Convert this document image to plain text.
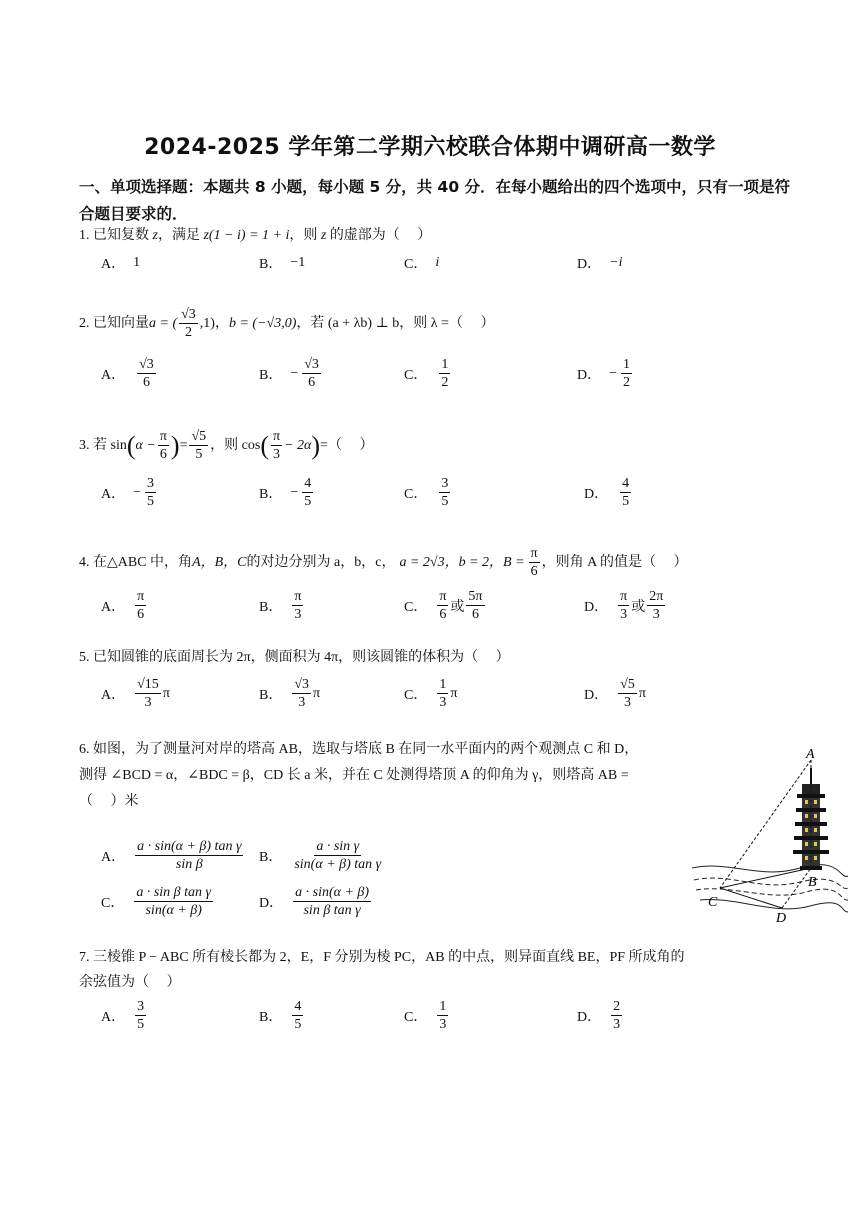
2024-2025 学年第二学期六校联合体期中调研高一数学
一、单项选择题：本题共 8 小题，每小题 5 分，共 40 分．在每小题给出的四个选项中，只有一项是符合题目要求的．
1. 已知复数 z，满足 z(1 − i) = 1 + i，则 z 的虚部为（　 ）
A． 1	B． −1	C． i	D． −i
2. 已知向量 a = ( $\frac{√3}{2} ,1$) ， b = (−√3,0) ，若 (a + λb) ⊥ b，则 λ =（　 ）
A． $\frac{√3}{6}$	B． − $\frac{√3}{6}$	C． $\frac{1}{2}$	D． − $\frac{1}{2}$
3. 若 sin ( $\alpha - \frac{\pi}{6}$ ) = $\frac{√5}{5}$ ，则 cos ( $\frac{\pi}{3} - 2\alpha$ ) =（　 ）
A． − $\frac{3}{5}$	B． − $\frac{4}{5}$	C． $\frac{3}{5}$	D． $\frac{4}{5}$
4. 在△ABC 中，角 A，B，C 的对边分别为 a，b，c， a = 2√3 ，b = 2， $B = \frac{\pi}{6}$ ，则角 A 的值是（　 ）
A． $\frac{\pi}{6}$	B． $\frac{\pi}{3}$	C． $\frac{\pi}{6}$ 或 $\frac{5\pi}{6}$	D． $\frac{\pi}{3}$ 或 $\frac{2\pi}{3}$
5. 已知圆锥的底面周长为 2π，侧面积为 4π，则该圆锥的体积为（　 ）
A． $\frac{√15}{3}$ π	B． $\frac{√3}{3}$ π	C． $\frac{1}{3}$ π	D． $\frac{√5}{3}$ π
6. 如图，为了测量河对岸的塔高 AB，选取与塔底 B 在同一水平面内的两个观测点 C 和 D，
测得 ∠BCD = α，∠BDC = β，CD 长 a 米，并在 C 处测得塔顶 A 的仰角为 γ，则塔高 AB =
（　 ）米
A． $\frac{\text{a · sin(α + β) tan γ}}{\text{sin β}}$ B． $\frac{\text{a · sin γ}}{\text{sin(α + β) tan γ}}$
C． $\frac{\text{a · sin β tan γ}}{\sin(\alpha + \beta)}$	D． $\frac{a \cdot \sin(\alpha + \beta)}{\text{sin β tan γ}}$
A
B
C
D
7. 三棱锥 P − ABC 所有棱长都为 2，E，F 分别为棱 PC，AB 的中点，则异面直线 BE，PF 所成角的
余弦值为（　 ）
A． $\frac{3}{5}$	B． $\frac{4}{5}$	C． $\frac{1}{3}$	D． $\frac{2}{3}$
